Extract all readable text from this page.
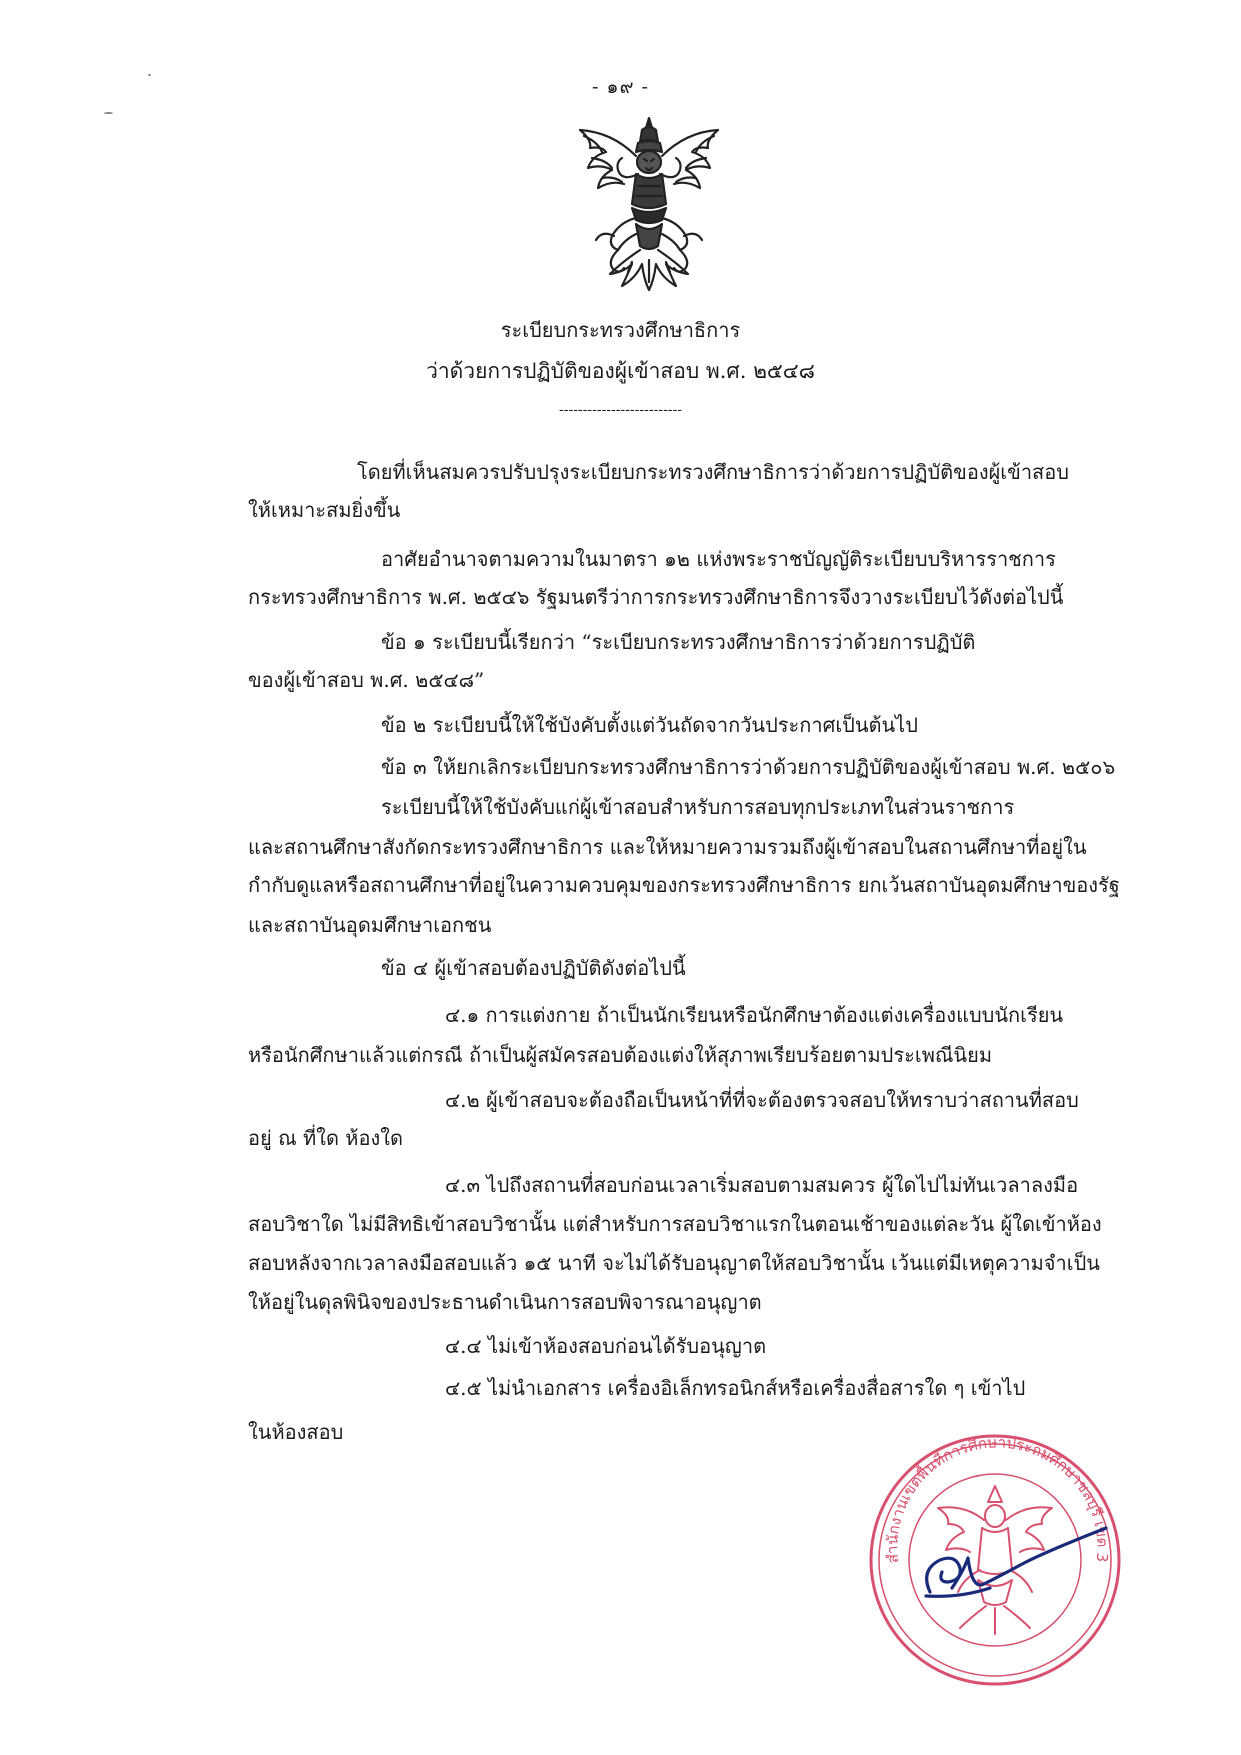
- ๑๙ -
ระเบียบกระทรวงศึกษาธิการ
ว่าด้วยการปฏิบัติของผู้เข้าสอบ พ.ศ. ๒๕๔๘
--------------------------
โดยที่เห็นสมควรปรับปรุงระเบียบกระทรวงศึกษาธิการว่าด้วยการปฏิบัติของผู้เข้าสอบ
ให้เหมาะสมยิ่งขึ้น
อาศัยอำนาจตามความในมาตรา ๑๒ แห่งพระราชบัญญัติระเบียบบริหารราชการ
กระทรวงศึกษาธิการ พ.ศ. ๒๕๔๖ รัฐมนตรีว่าการกระทรวงศึกษาธิการจึงวางระเบียบไว้ดังต่อไปนี้
ข้อ ๑ ระเบียบนี้เรียกว่า “ระเบียบกระทรวงศึกษาธิการว่าด้วยการปฏิบัติ
ของผู้เข้าสอบ พ.ศ. ๒๕๔๘”
ข้อ ๒ ระเบียบนี้ให้ใช้บังคับตั้งแต่วันถัดจากวันประกาศเป็นต้นไป
ข้อ ๓ ให้ยกเลิกระเบียบกระทรวงศึกษาธิการว่าด้วยการปฏิบัติของผู้เข้าสอบ พ.ศ. ๒๕๐๖
ระเบียบนี้ให้ใช้บังคับแก่ผู้เข้าสอบสำหรับการสอบทุกประเภทในส่วนราชการ
และสถานศึกษาสังกัดกระทรวงศึกษาธิการ และให้หมายความรวมถึงผู้เข้าสอบในสถานศึกษาที่อยู่ใน
กำกับดูแลหรือสถานศึกษาที่อยู่ในความควบคุมของกระทรวงศึกษาธิการ ยกเว้นสถาบันอุดมศึกษาของรัฐ
และสถาบันอุดมศึกษาเอกชน
ข้อ ๔ ผู้เข้าสอบต้องปฏิบัติดังต่อไปนี้
๔.๑ การแต่งกาย ถ้าเป็นนักเรียนหรือนักศึกษาต้องแต่งเครื่องแบบนักเรียน
หรือนักศึกษาแล้วแต่กรณี ถ้าเป็นผู้สมัครสอบต้องแต่งให้สุภาพเรียบร้อยตามประเพณีนิยม
๔.๒ ผู้เข้าสอบจะต้องถือเป็นหน้าที่ที่จะต้องตรวจสอบให้ทราบว่าสถานที่สอบ
อยู่ ณ ที่ใด ห้องใด
๔.๓ ไปถึงสถานที่สอบก่อนเวลาเริ่มสอบตามสมควร ผู้ใดไปไม่ทันเวลาลงมือ
สอบวิชาใด ไม่มีสิทธิเข้าสอบวิชานั้น แต่สำหรับการสอบวิชาแรกในตอนเช้าของแต่ละวัน ผู้ใดเข้าห้อง
สอบหลังจากเวลาลงมือสอบแล้ว ๑๕ นาที จะไม่ได้รับอนุญาตให้สอบวิชานั้น เว้นแต่มีเหตุความจำเป็น
ให้อยู่ในดุลพินิจของประธานดำเนินการสอบพิจารณาอนุญาต
๔.๔ ไม่เข้าห้องสอบก่อนได้รับอนุญาต
๔.๕ ไม่นำเอกสาร เครื่องอิเล็กทรอนิกส์หรือเครื่องสื่อสารใด ๆ เข้าไป
ในห้องสอบ
สำนักงานเขตพื้นที่การศึกษาประถมศึกษาชลบุรี เขต 3
